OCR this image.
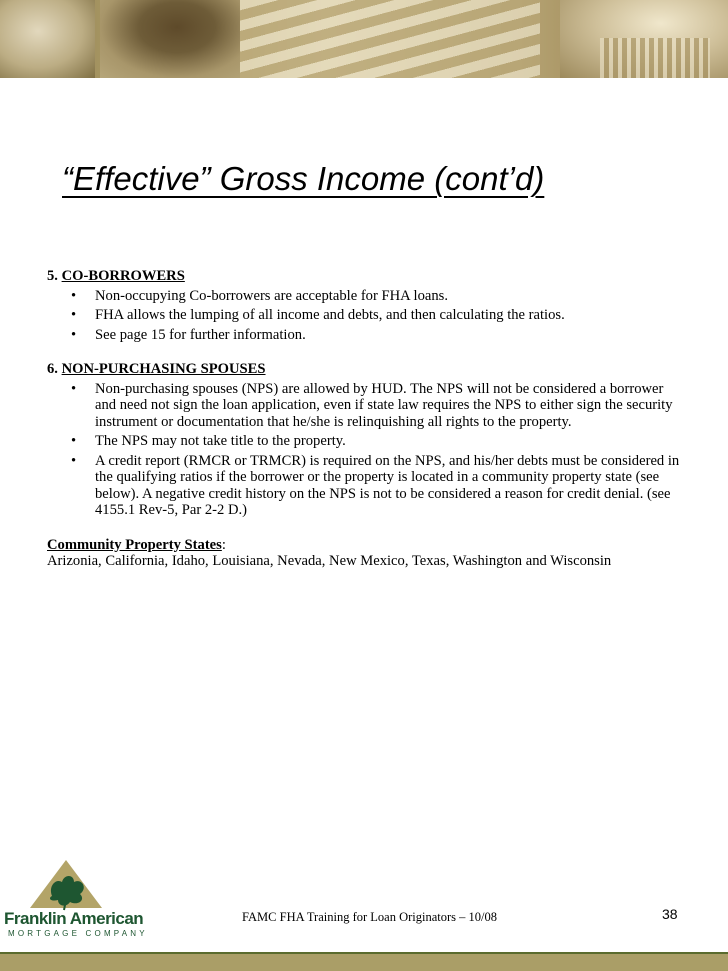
“Effective” Gross Income (cont’d)

5. CO-BORROWERS

• Non-occupying Co-borrowers are acceptable for FHA loans.
• FHA allows the lumping of all income and debts, and then calculating the ratios.
• See page 15 for further information.

6. NON-PURCHASING SPOUSES

• Non-purchasing spouses (NPS) are allowed by HUD. The NPS will not be considered a borrower and need not sign the loan application, even if state law requires the NPS to either sign the security instrument or documentation that he/she is relinquishing all rights to the property.
• The NPS may not take title to the property.
• A credit report (RMCR or TRMCR) is required on the NPS, and his/her debts must be considered in the qualifying ratios if the borrower or the property is located in a community property state (see below). A negative credit history on the NPS is not to be considered a reason for credit denial. (see 4155.1 Rev-5, Par 2-2 D.)

Community Property States:

Arizonia, California, Idaho, Louisiana, Nevada, New Mexico, Texas, Washington and Wisconsin

Franklin American
MORTGAGE COMPANY
FAMC FHA Training for Loan Originators – 10/08	38
